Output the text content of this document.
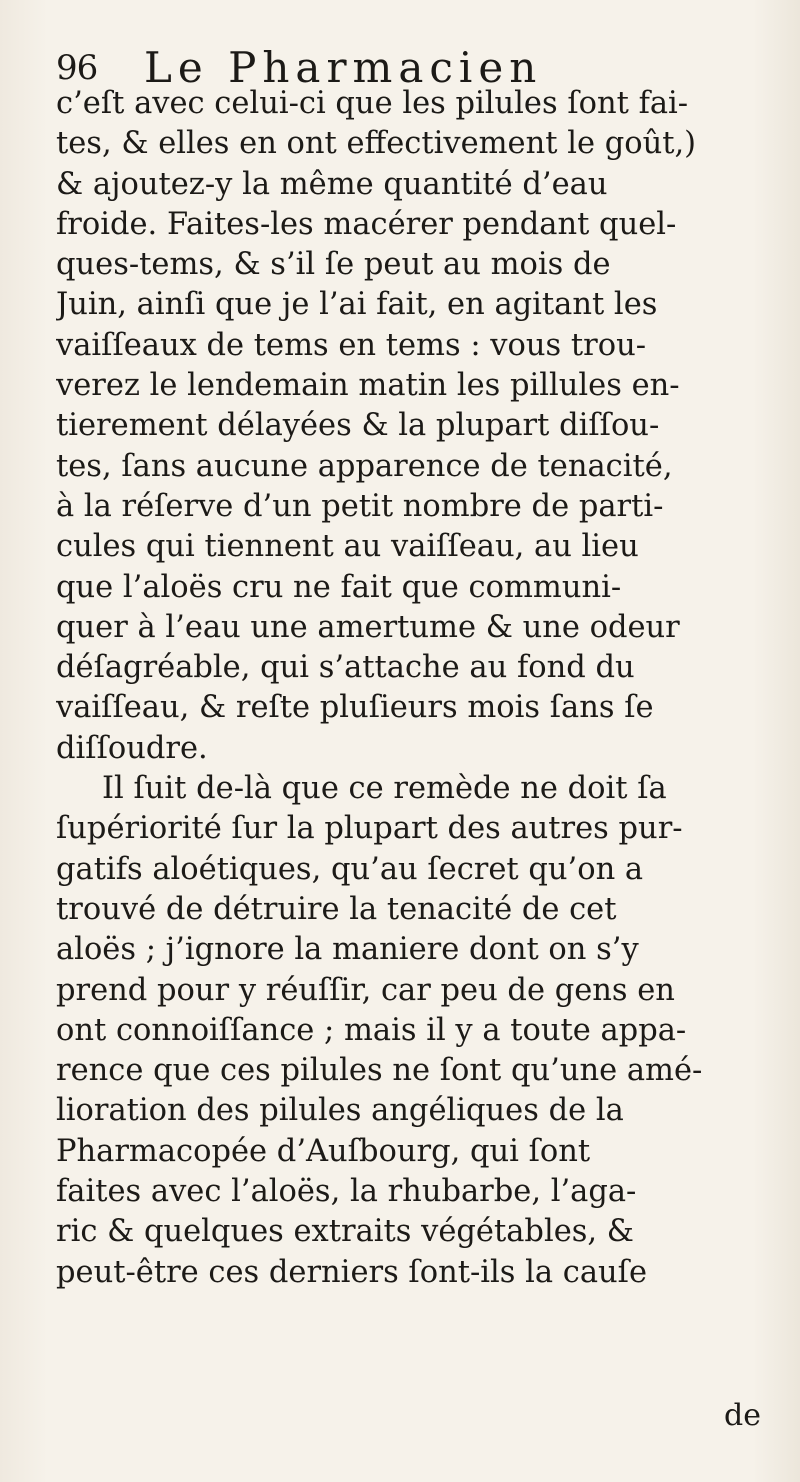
96 Le Pharmacien
c’eſt avec celui-ci que les pilules ſont fai-
tes, & elles en ont effectivement le goût,)
& ajoutez-y la même quantité d’eau
froide. Faites-les macérer pendant quel-
ques-tems, & s’il ſe peut au mois de
Juin, ainſi que je l’ai fait, en agitant les
vaiſſeaux de tems en tems : vous trou-
verez le lendemain matin les pillules en-
tierement délayées & la plupart diſſou-
tes, ſans aucune apparence de tenacité,
à la réſerve d’un petit nombre de parti-
cules qui tiennent au vaiſſeau, au lieu
que l’aloës cru ne fait que communi-
quer à l’eau une amertume & une odeur
déſagréable, qui s’attache au fond du
vaiſſeau, & reſte pluſieurs mois ſans ſe
diſſoudre.
Il ſuit de-là que ce remède ne doit ſa
ſupériorité ſur la plupart des autres pur-
gatifs aloétiques, qu’au ſecret qu’on a
trouvé de détruire la tenacité de cet
aloës ; j’ignore la maniere dont on s’y
prend pour y réuſſir, car peu de gens en
ont connoiſſance ; mais il y a toute appa-
rence que ces pilules ne ſont qu’une amé-
lioration des pilules angéliques de la
Pharmacopée d’Auſbourg, qui ſont
faites avec l’aloës, la rhubarbe, l’aga-
ric & quelques extraits végétables, &
peut-être ces derniers ſont-ils la cauſe
de
